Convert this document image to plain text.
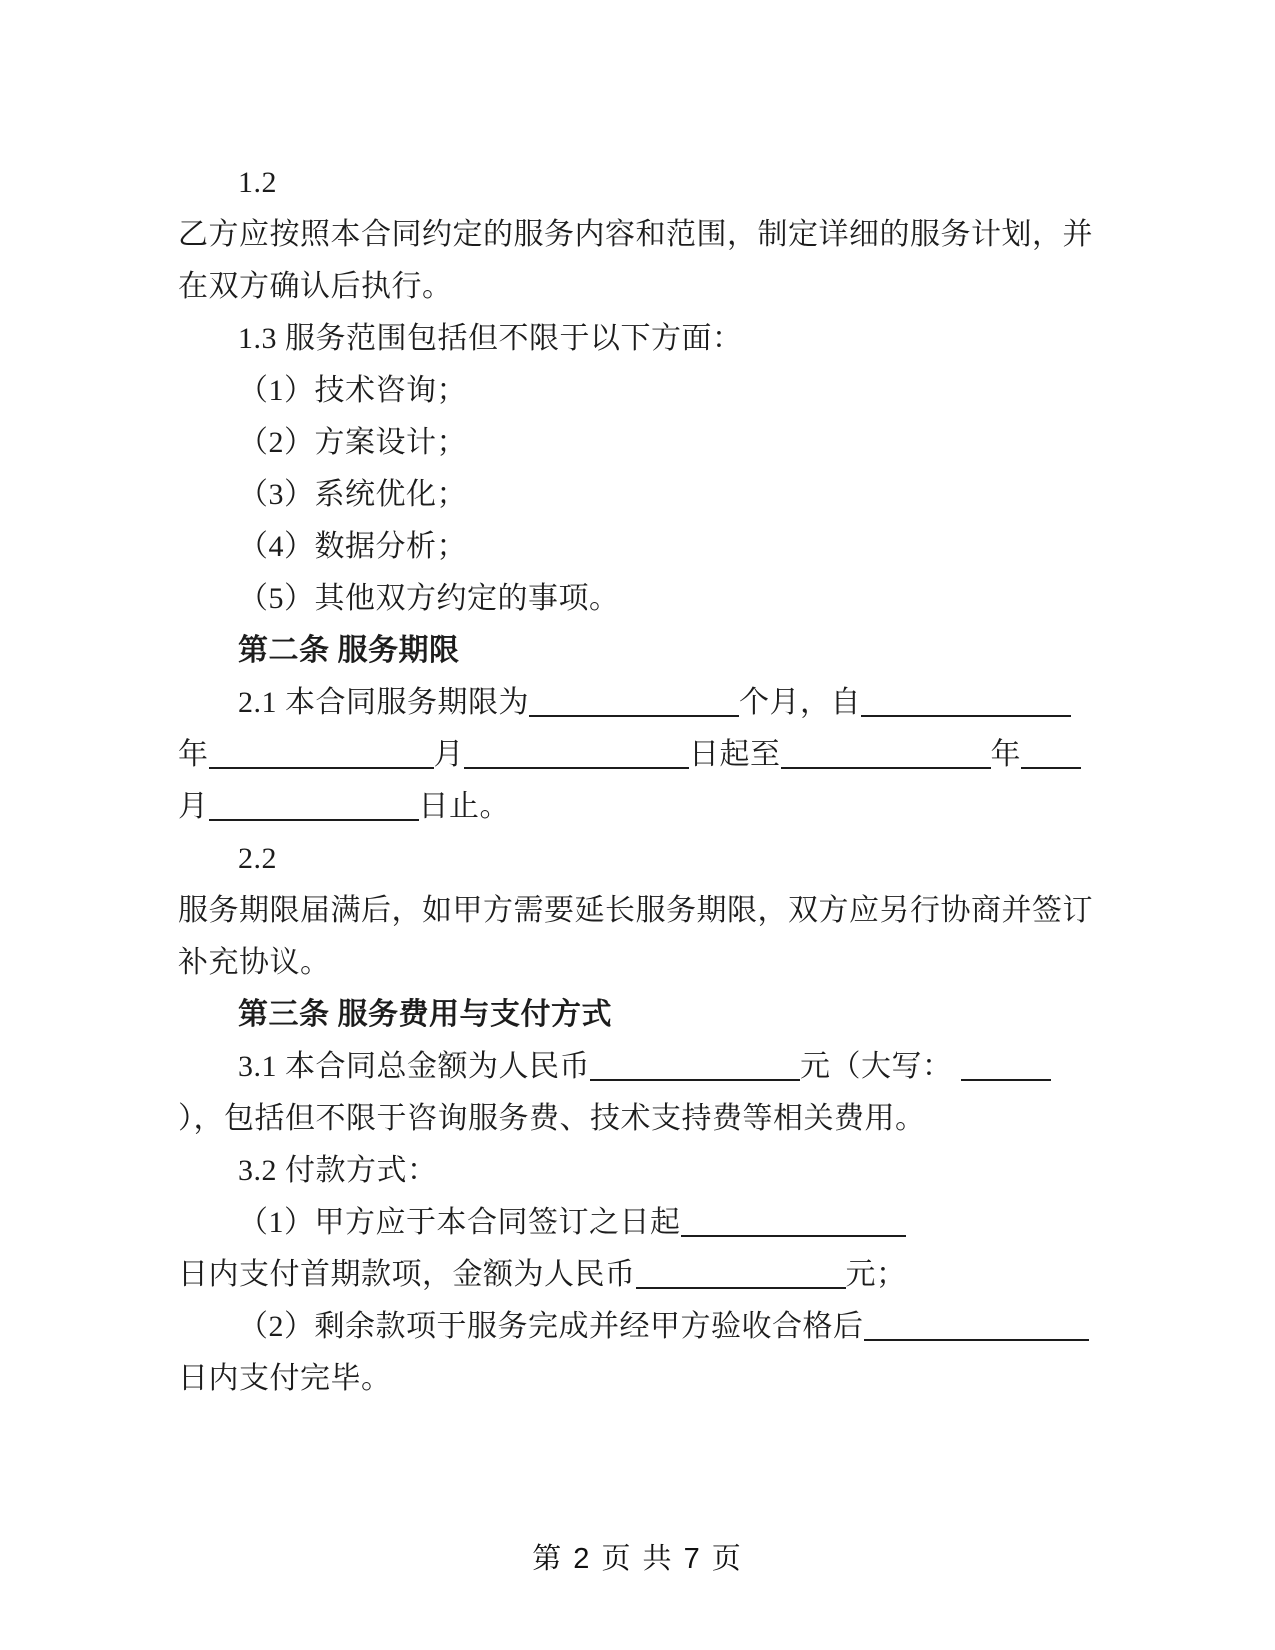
1.2
乙方应按照本合同约定的服务内容和范围，制定详细的服务计划，并
在双方确认后执行。
1.3 服务范围包括但不限于以下方面：
（1）技术咨询；
（2）方案设计；
（3）系统优化；
（4）数据分析；
（5）其他双方约定的事项。
第二条 服务期限
2.1 本合同服务期限为	个月，自
年	月	日起至	年
月	日止。
2.2
服务期限届满后，如甲方需要延长服务期限，双方应另行协商并签订
补充协议。
第三条 服务费用与支付方式
3.1 本合同总金额为人民币	元（大写：
），包括但不限于咨询服务费、技术支持费等相关费用。
3.2 付款方式：
（1）甲方应于本合同签订之日起
日内支付首期款项，金额为人民币	元；
（2）剩余款项于服务完成并经甲方验收合格后
日内支付完毕。
第 2 页 共 7 页
